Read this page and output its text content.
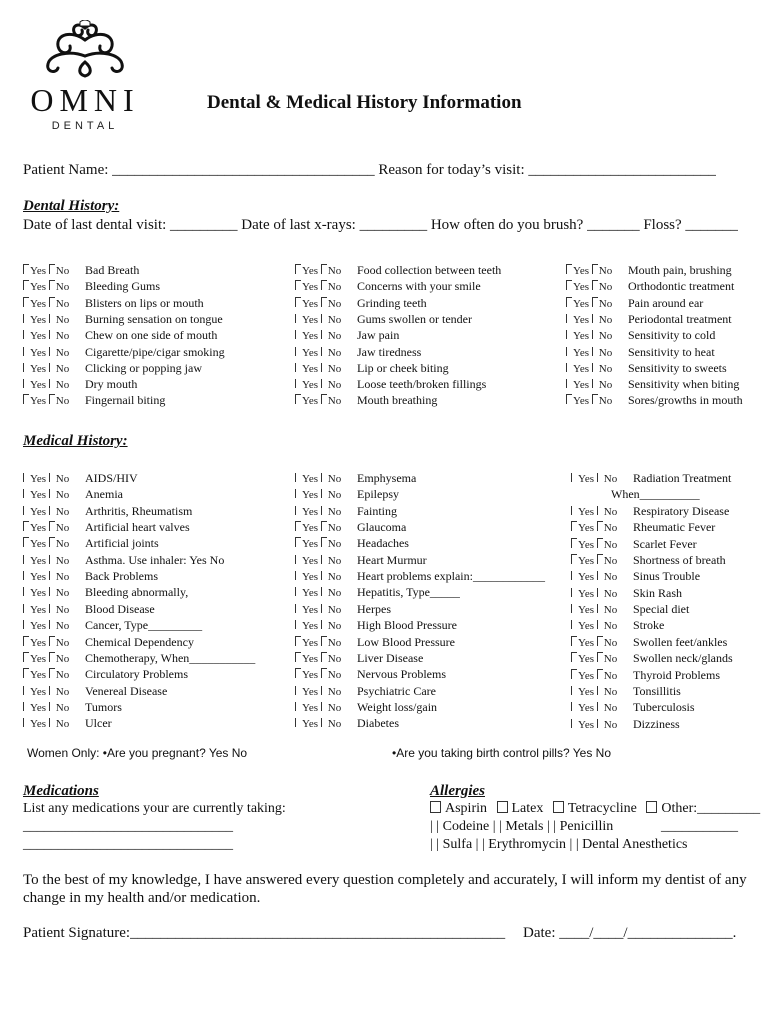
OMNI
DENTAL
Dental & Medical History Information
Patient Name: ___________________________________ Reason for today’s visit: _________________________
Dental History:
Date of last dental visit: _________ Date of last x-rays: _________ How often do you brush? _______ Floss? _______
Yes No Bad Breath
Yes No Bleeding Gums
Yes No Blisters on lips or mouth
Yes No Burning sensation on tongue
Yes No Chew on one side of mouth
Yes No Cigarette/pipe/cigar smoking
Yes No Clicking or popping jaw
Yes No Dry mouth
Yes No Fingernail biting
Yes No Food collection between teeth
Yes No Concerns with your smile
Yes No Grinding teeth
Yes No Gums swollen or tender
Yes No Jaw pain
Yes No Jaw tiredness
Yes No Lip or cheek biting
Yes No Loose teeth/broken fillings
Yes No Mouth breathing
Yes No Mouth pain, brushing
Yes No Orthodontic treatment
Yes No Pain around ear
Yes No Periodontal treatment
Yes No Sensitivity to cold
Yes No Sensitivity to heat
Yes No Sensitivity to sweets
Yes No Sensitivity when biting
Yes No Sores/growths in mouth
Medical History:
Yes No AIDS/HIV
Yes No Anemia
Yes No Arthritis, Rheumatism
Yes No Artificial heart valves
Yes No Artificial joints
Yes No Asthma. Use inhaler: Yes No
Yes No Back Problems
Yes No Bleeding abnormally,
Yes No Blood Disease
Yes No Cancer, Type_________
Yes No Chemical Dependency
Yes No Chemotherapy, When___________
Yes No Circulatory Problems
Yes No Venereal Disease
Yes No Tumors
Yes No Ulcer
Yes No Emphysema
Yes No Epilepsy
Yes No Fainting
Yes No Glaucoma
Yes No Headaches
Yes No Heart Murmur
Yes No Heart problems explain:____________
Yes No Hepatitis, Type_____
Yes No Herpes
Yes No High Blood Pressure
Yes No Low Blood Pressure
Yes No Liver Disease
Yes No Nervous Problems
Yes No Psychiatric Care
Yes No Weight loss/gain
Yes No Diabetes
Yes No Respiratory Disease
Yes No Rheumatic Fever
Yes No Scarlet Fever
Yes No Shortness of breath
Yes No Sinus Trouble
Yes No Skin Rash
Yes No Special diet
Yes No Stroke
Yes No Swollen feet/ankles
Yes No Swollen neck/glands
Yes No Thyroid Problems
Yes No Tonsillitis
Yes No Tuberculosis
Yes No Dizziness
Yes No Radiation Treatment
When__________
Women Only: •Are you pregnant? Yes No	•Are you taking birth control pills? Yes No
Medications
List any medications your are currently taking:
______________________________
______________________________
Allergies
Aspirin Latex Tetracycline Other:_________
| | Codeine | | Metals | | Penicillin	___________
| | Sulfa | | Erythromycin | | Dental Anesthetics
To the best of my knowledge, I have answered every question completely and accurately, I will inform my dentist of any change in my health and/or medication.
Patient Signature:__________________________________________________ Date: ____/____/______________.
